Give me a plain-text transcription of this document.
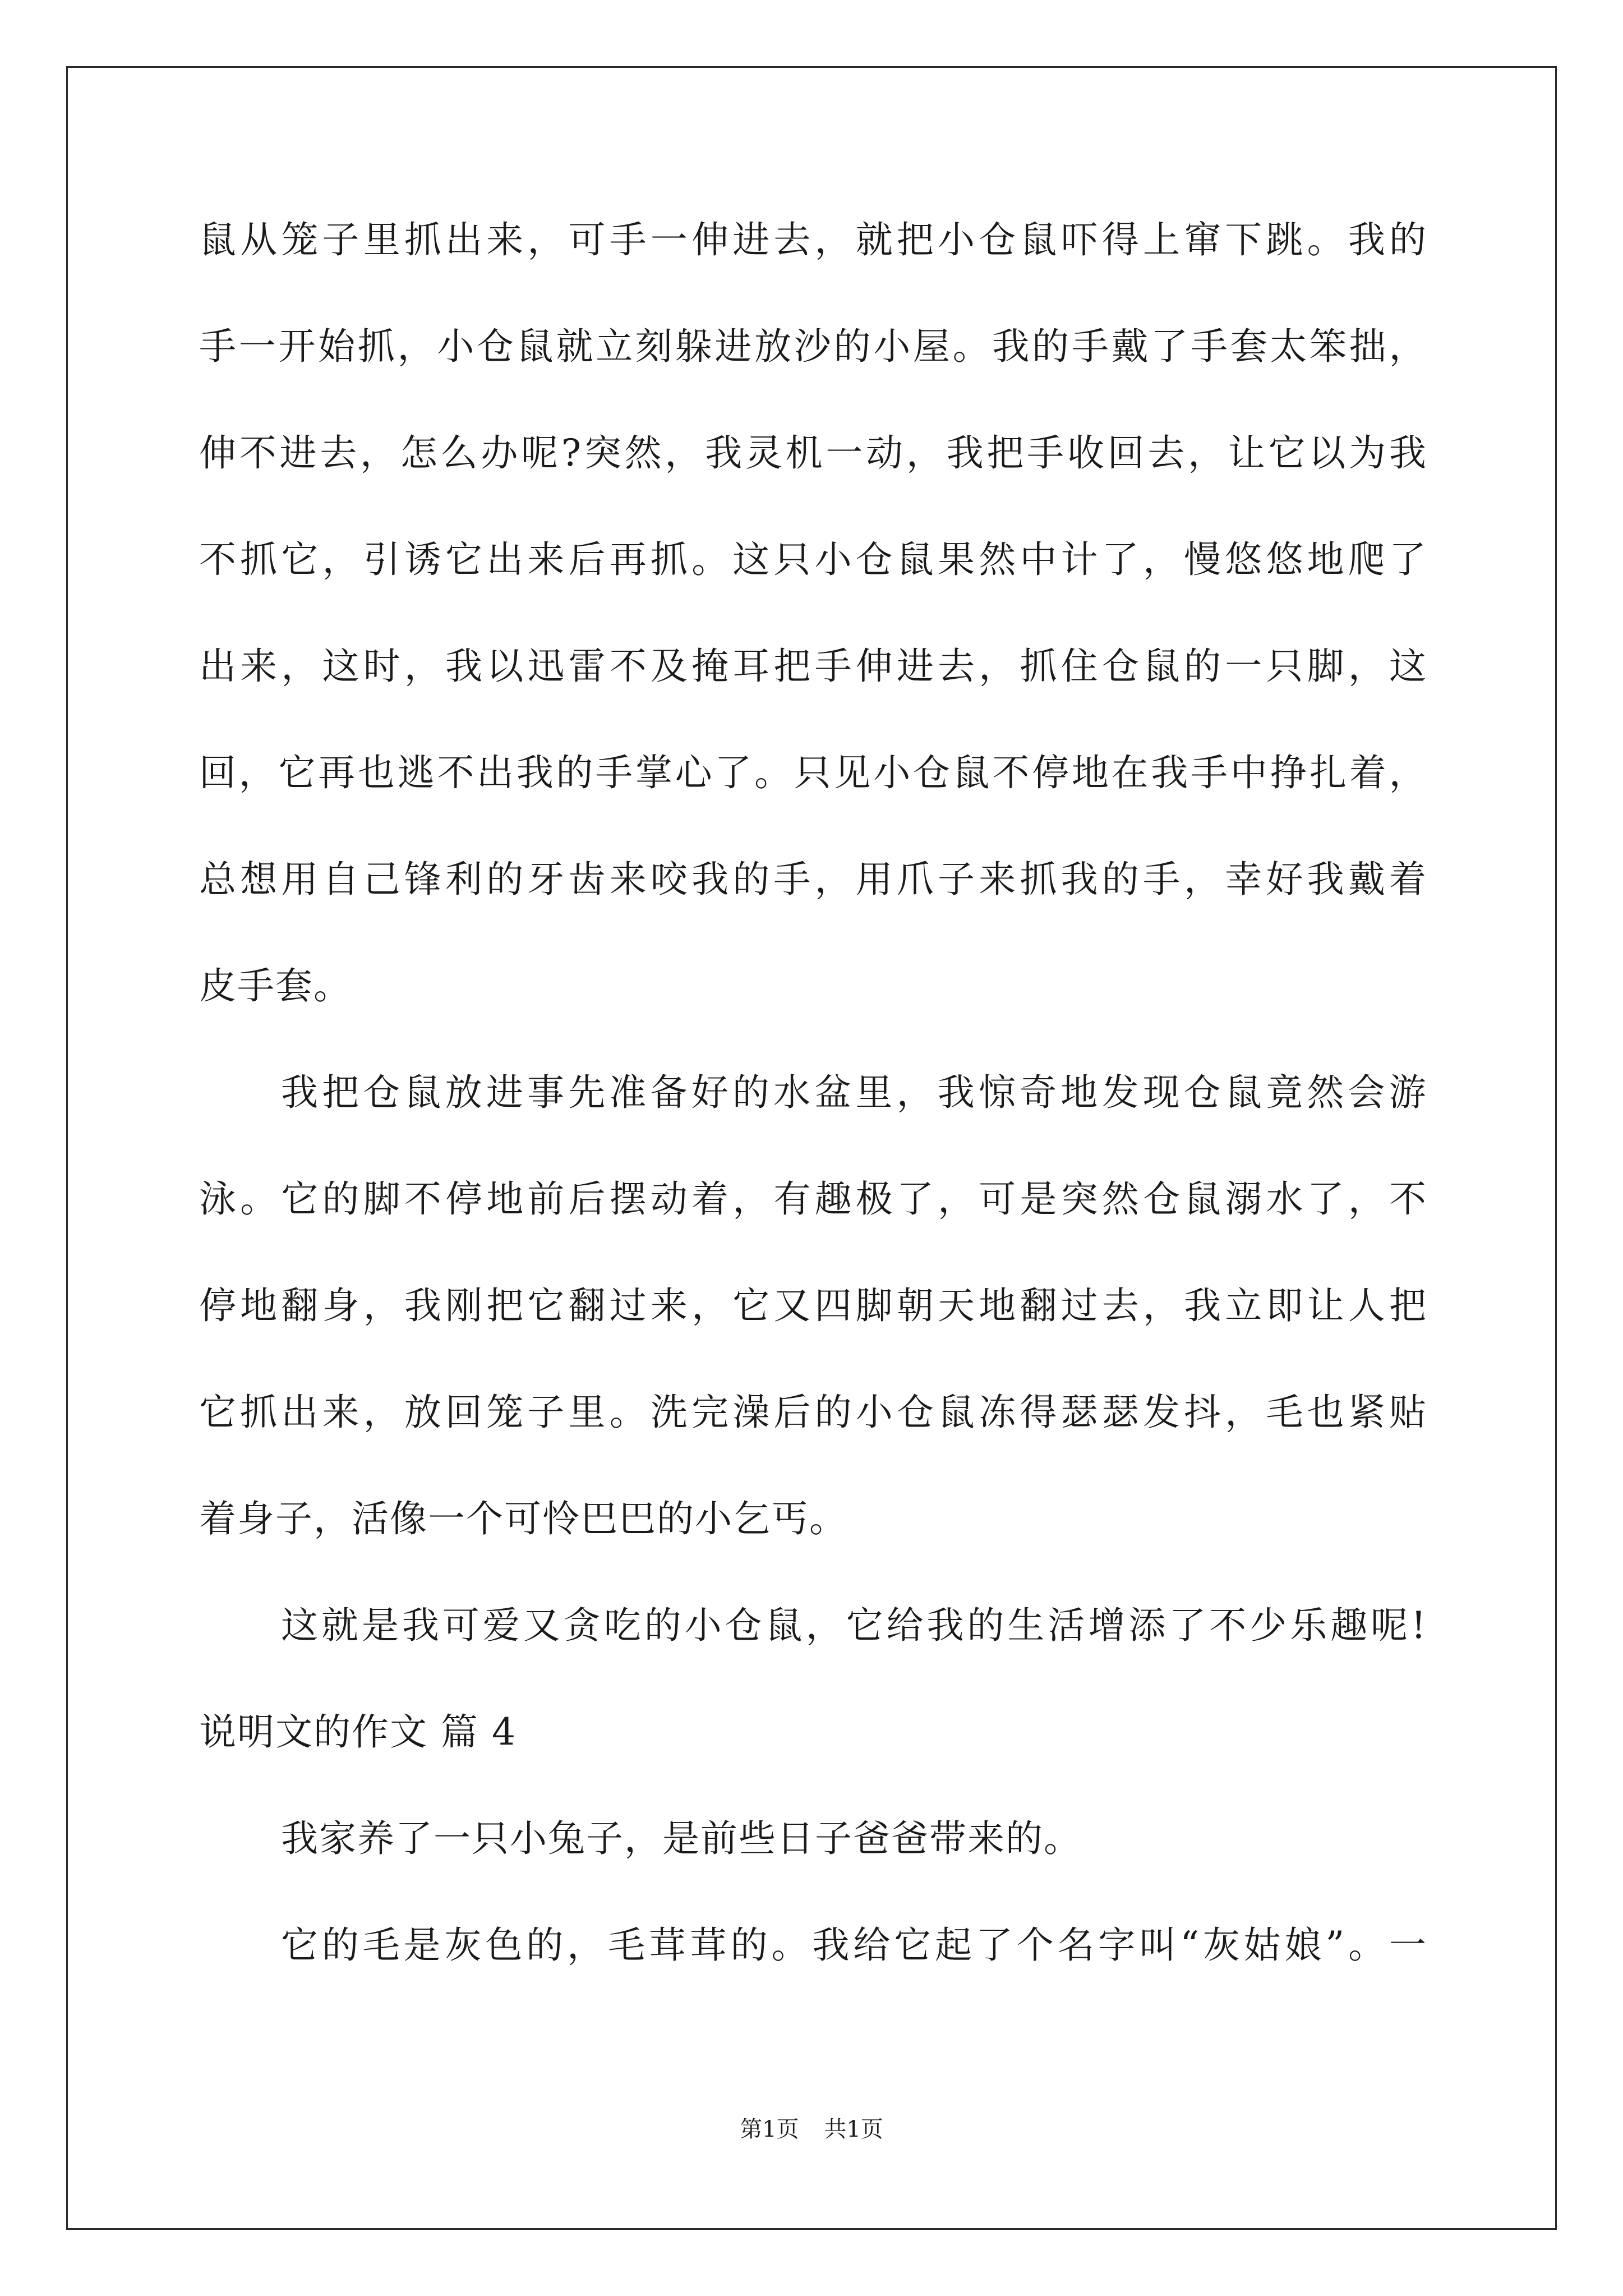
鼠 从 笼 子 里 抓 出 来 ， 可 手 一 伸 进 去 ， 就 把 小 仓 鼠 吓 得 上 窜 下 跳 。 我 的
手 一 开 始 抓 ， 小 仓 鼠 就 立 刻 躲 进 放 沙 的 小 屋 。 我 的 手 戴 了 手 套 太 笨 拙 ，
伸 不 进 去 ， 怎 么 办 呢 ? 突 然 ， 我 灵 机 一 动 ， 我 把 手 收 回 去 ， 让 它 以 为 我
不 抓 它 ， 引 诱 它 出 来 后 再 抓 。 这 只 小 仓 鼠 果 然 中 计 了 ， 慢 悠 悠 地 爬 了
出 来 ， 这 时 ， 我 以 迅 雷 不 及 掩 耳 把 手 伸 进 去 ， 抓 住 仓 鼠 的 一 只 脚 ， 这
回 ， 它 再 也 逃 不 出 我 的 手 掌 心 了 。 只 见 小 仓 鼠 不 停 地 在 我 手 中 挣 扎 着 ，
总 想 用 自 己 锋 利 的 牙 齿 来 咬 我 的 手 ， 用 爪 子 来 抓 我 的 手 ， 幸 好 我 戴 着
皮手套。
我 把 仓 鼠 放 进 事 先 准 备 好 的 水 盆 里 ， 我 惊 奇 地 发 现 仓 鼠 竟 然 会 游
泳 。 它 的 脚 不 停 地 前 后 摆 动 着 ， 有 趣 极 了 ， 可 是 突 然 仓 鼠 溺 水 了 ， 不
停 地 翻 身 ， 我 刚 把 它 翻 过 来 ， 它 又 四 脚 朝 天 地 翻 过 去 ， 我 立 即 让 人 把
它 抓 出 来 ， 放 回 笼 子 里 。 洗 完 澡 后 的 小 仓 鼠 冻 得 瑟 瑟 发 抖 ， 毛 也 紧 贴
着身子，活像一个可怜巴巴的小乞丐。
这 就 是 我 可 爱 又 贪 吃 的 小 仓 鼠 ， 它 给 我 的 生 活 增 添 了 不 少 乐 趣 呢 !
说明文的作文 篇 4
我家养了一只小兔子，是前些日子爸爸带来的。
它 的 毛 是 灰 色 的 ， 毛 茸 茸 的 。 我 给 它 起 了 个 名 字 叫 “ 灰 姑 娘 ” 。 一
第1页 共1页
